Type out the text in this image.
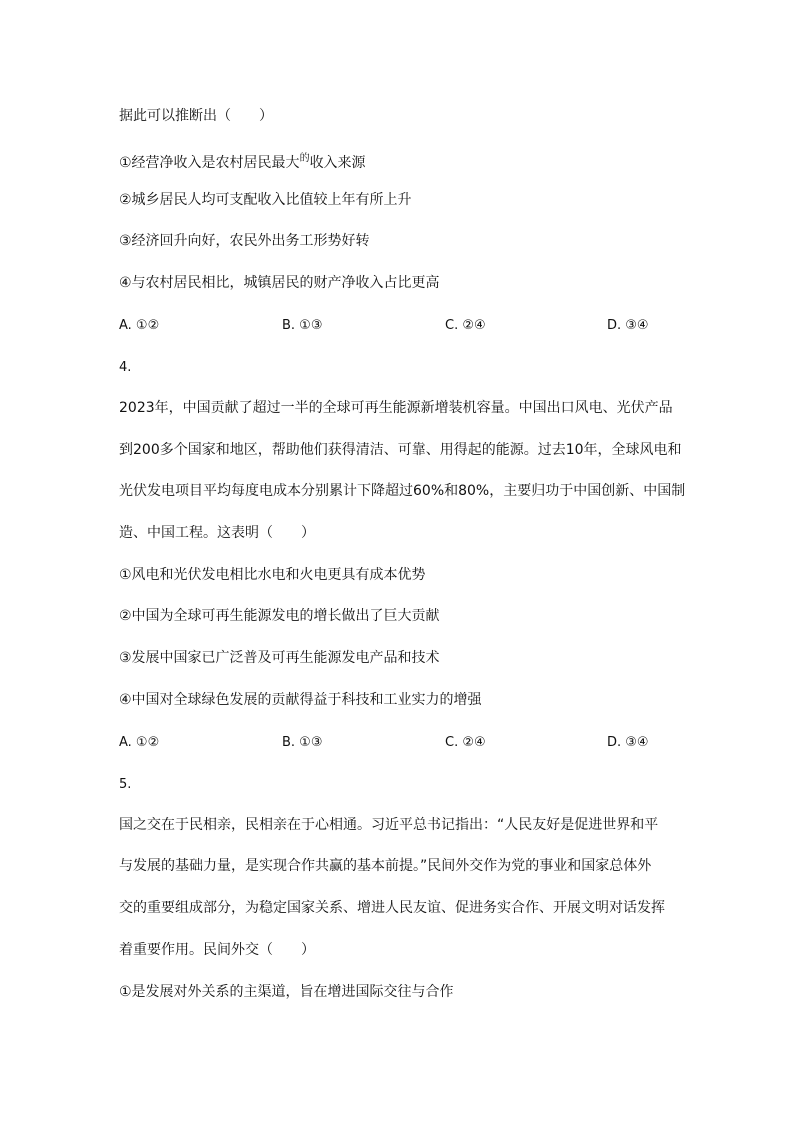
据此可以推断出（　　）
①经营净收入是农村居民最大$^的$收入来源
②城乡居民人均可支配收入比值较上年有所上升
③经济回升向好，农民外出务工形势好转
④与农村居民相比，城镇居民的财产净收入占比更高
A. ①②	B. ①③	C. ②④	D. ③④
4.
2023年，中国贡献了超过一半的全球可再生能源新增装机容量。中国出口风电、光伏产品
到200多个国家和地区，帮助他们获得清洁、可靠、用得起的能源。过去10年，全球风电和
光伏发电项目平均每度电成本分别累计下降超过60%和80%，主要归功于中国创新、中国制
造、中国工程。这表明（　　）
①风电和光伏发电相比水电和火电更具有成本优势
②中国为全球可再生能源发电的增长做出了巨大贡献
③发展中国家已广泛普及可再生能源发电产品和技术
④中国对全球绿色发展的贡献得益于科技和工业实力的增强
A. ①②	B. ①③	C. ②④	D. ③④
5.
国之交在于民相亲，民相亲在于心相通。习近平总书记指出：“人民友好是促进世界和平
与发展的基础力量，是实现合作共赢的基本前提。”民间外交作为党的事业和国家总体外
交的重要组成部分，为稳定国家关系、增进人民友谊、促进务实合作、开展文明对话发挥
着重要作用。民间外交（　　）
①是发展对外关系的主渠道，旨在增进国际交往与合作
